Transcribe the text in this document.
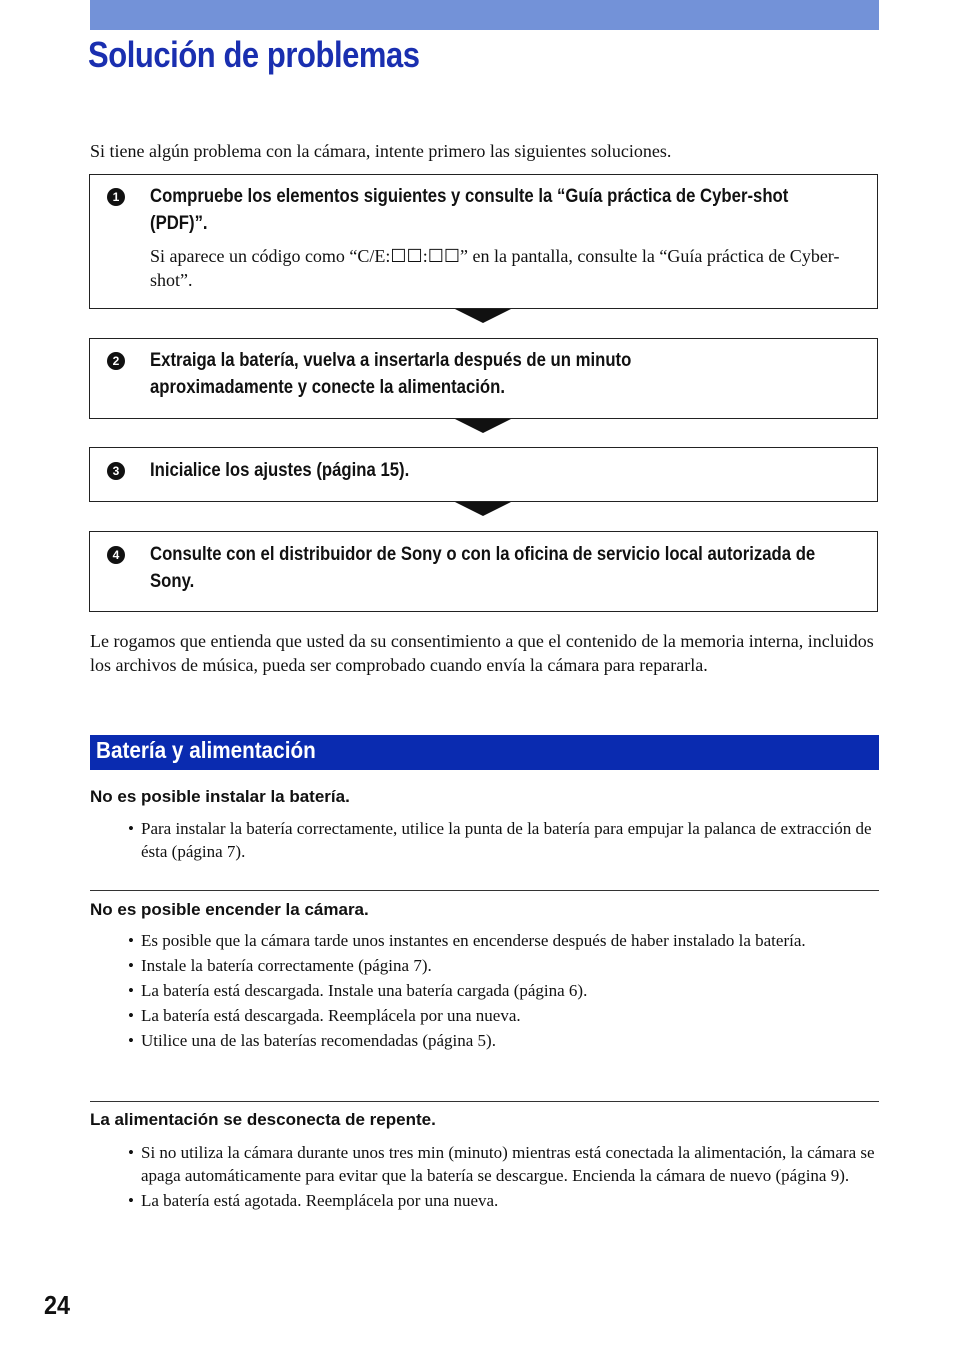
Solución de problemas
Si tiene algún problema con la cámara, intente primero las siguientes soluciones.
1 Compruebe los elementos siguientes y consulte la “Guía práctica de Cyber-shot (PDF)”.
Si aparece un código como “C/E:☐☐:☐☐” en la pantalla, consulte la “Guía práctica de Cyber-shot”.
2 Extraiga la batería, vuelva a insertarla después de un minuto aproximadamente y conecte la alimentación.
3 Inicialice los ajustes (página 15).
4 Consulte con el distribuidor de Sony o con la oficina de servicio local autorizada de Sony.
Le rogamos que entienda que usted da su consentimiento a que el contenido de la memoria interna, incluidos los archivos de música, pueda ser comprobado cuando envía la cámara para repararla.
Batería y alimentación
No es posible instalar la batería.
• Para instalar la batería correctamente, utilice la punta de la batería para empujar la palanca de extracción de ésta (página 7).
No es posible encender la cámara.
• Es posible que la cámara tarde unos instantes en encenderse después de haber instalado la batería.
• Instale la batería correctamente (página 7).
• La batería está descargada. Instale una batería cargada (página 6).
• La batería está descargada. Reemplácela por una nueva.
• Utilice una de las baterías recomendadas (página 5).
La alimentación se desconecta de repente.
• Si no utiliza la cámara durante unos tres min (minuto) mientras está conectada la alimentación, la cámara se apaga automáticamente para evitar que la batería se descargue. Encienda la cámara de nuevo (página 9).
• La batería está agotada. Reemplácela por una nueva.
24
